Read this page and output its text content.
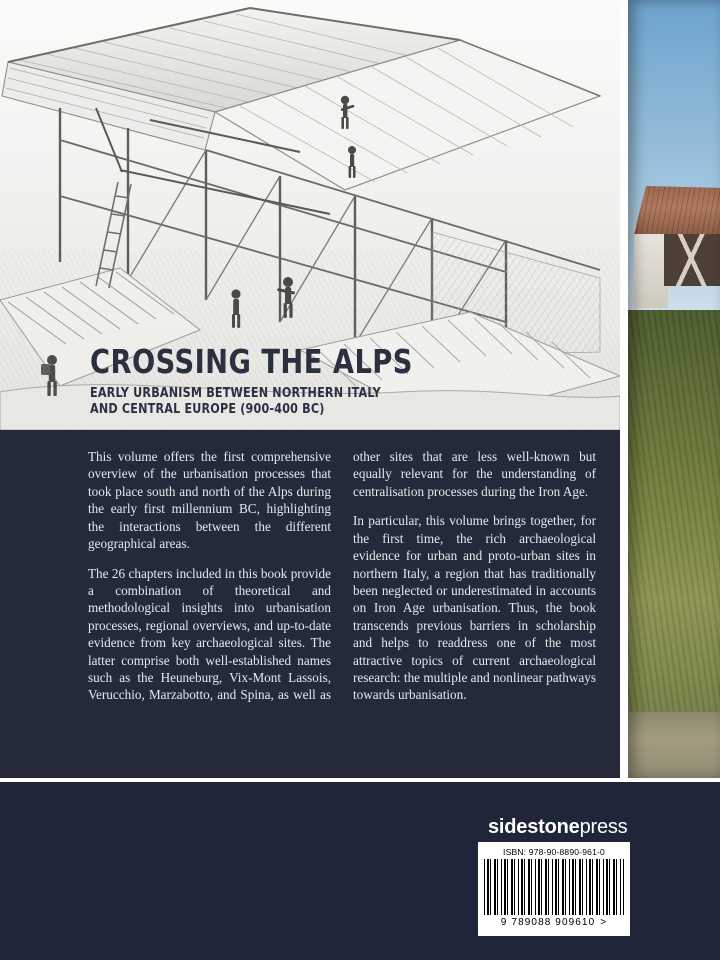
CROSSING THE ALPS
EARLY URBANISM BETWEEN NORTHERN ITALY
AND CENTRAL EUROPE (900-400 BC)

This volume offers the first comprehensive overview of the urbanisation processes that took place south and north of the Alps during the early first millennium BC, highlighting the interactions between the different geographical areas.

The 26 chapters included in this book provide a combination of theoretical and methodological insights into urbanisation processes, regional overviews, and up-to-date evidence from key archaeological sites. The latter comprise both well-established names such as the Heuneburg, Vix-Mont Lassois, Verucchio, Marzabotto, and Spina, as well as other sites that are less well-known but equally relevant for the understanding of centralisation processes during the Iron Age.

In particular, this volume brings together, for the first time, the rich archaeological evidence for urban and proto-urban sites in northern Italy, a region that has traditionally been neglected or underestimated in accounts on Iron Age urbanisation. Thus, the book transcends previous barriers in scholarship and helps to readdress one of the most attractive topics of current archaeological research: the multiple and nonlinear pathways towards urbanisation.

sidestonepress
ISBN: 978-90-8890-961-0
9 789088 909610 >
